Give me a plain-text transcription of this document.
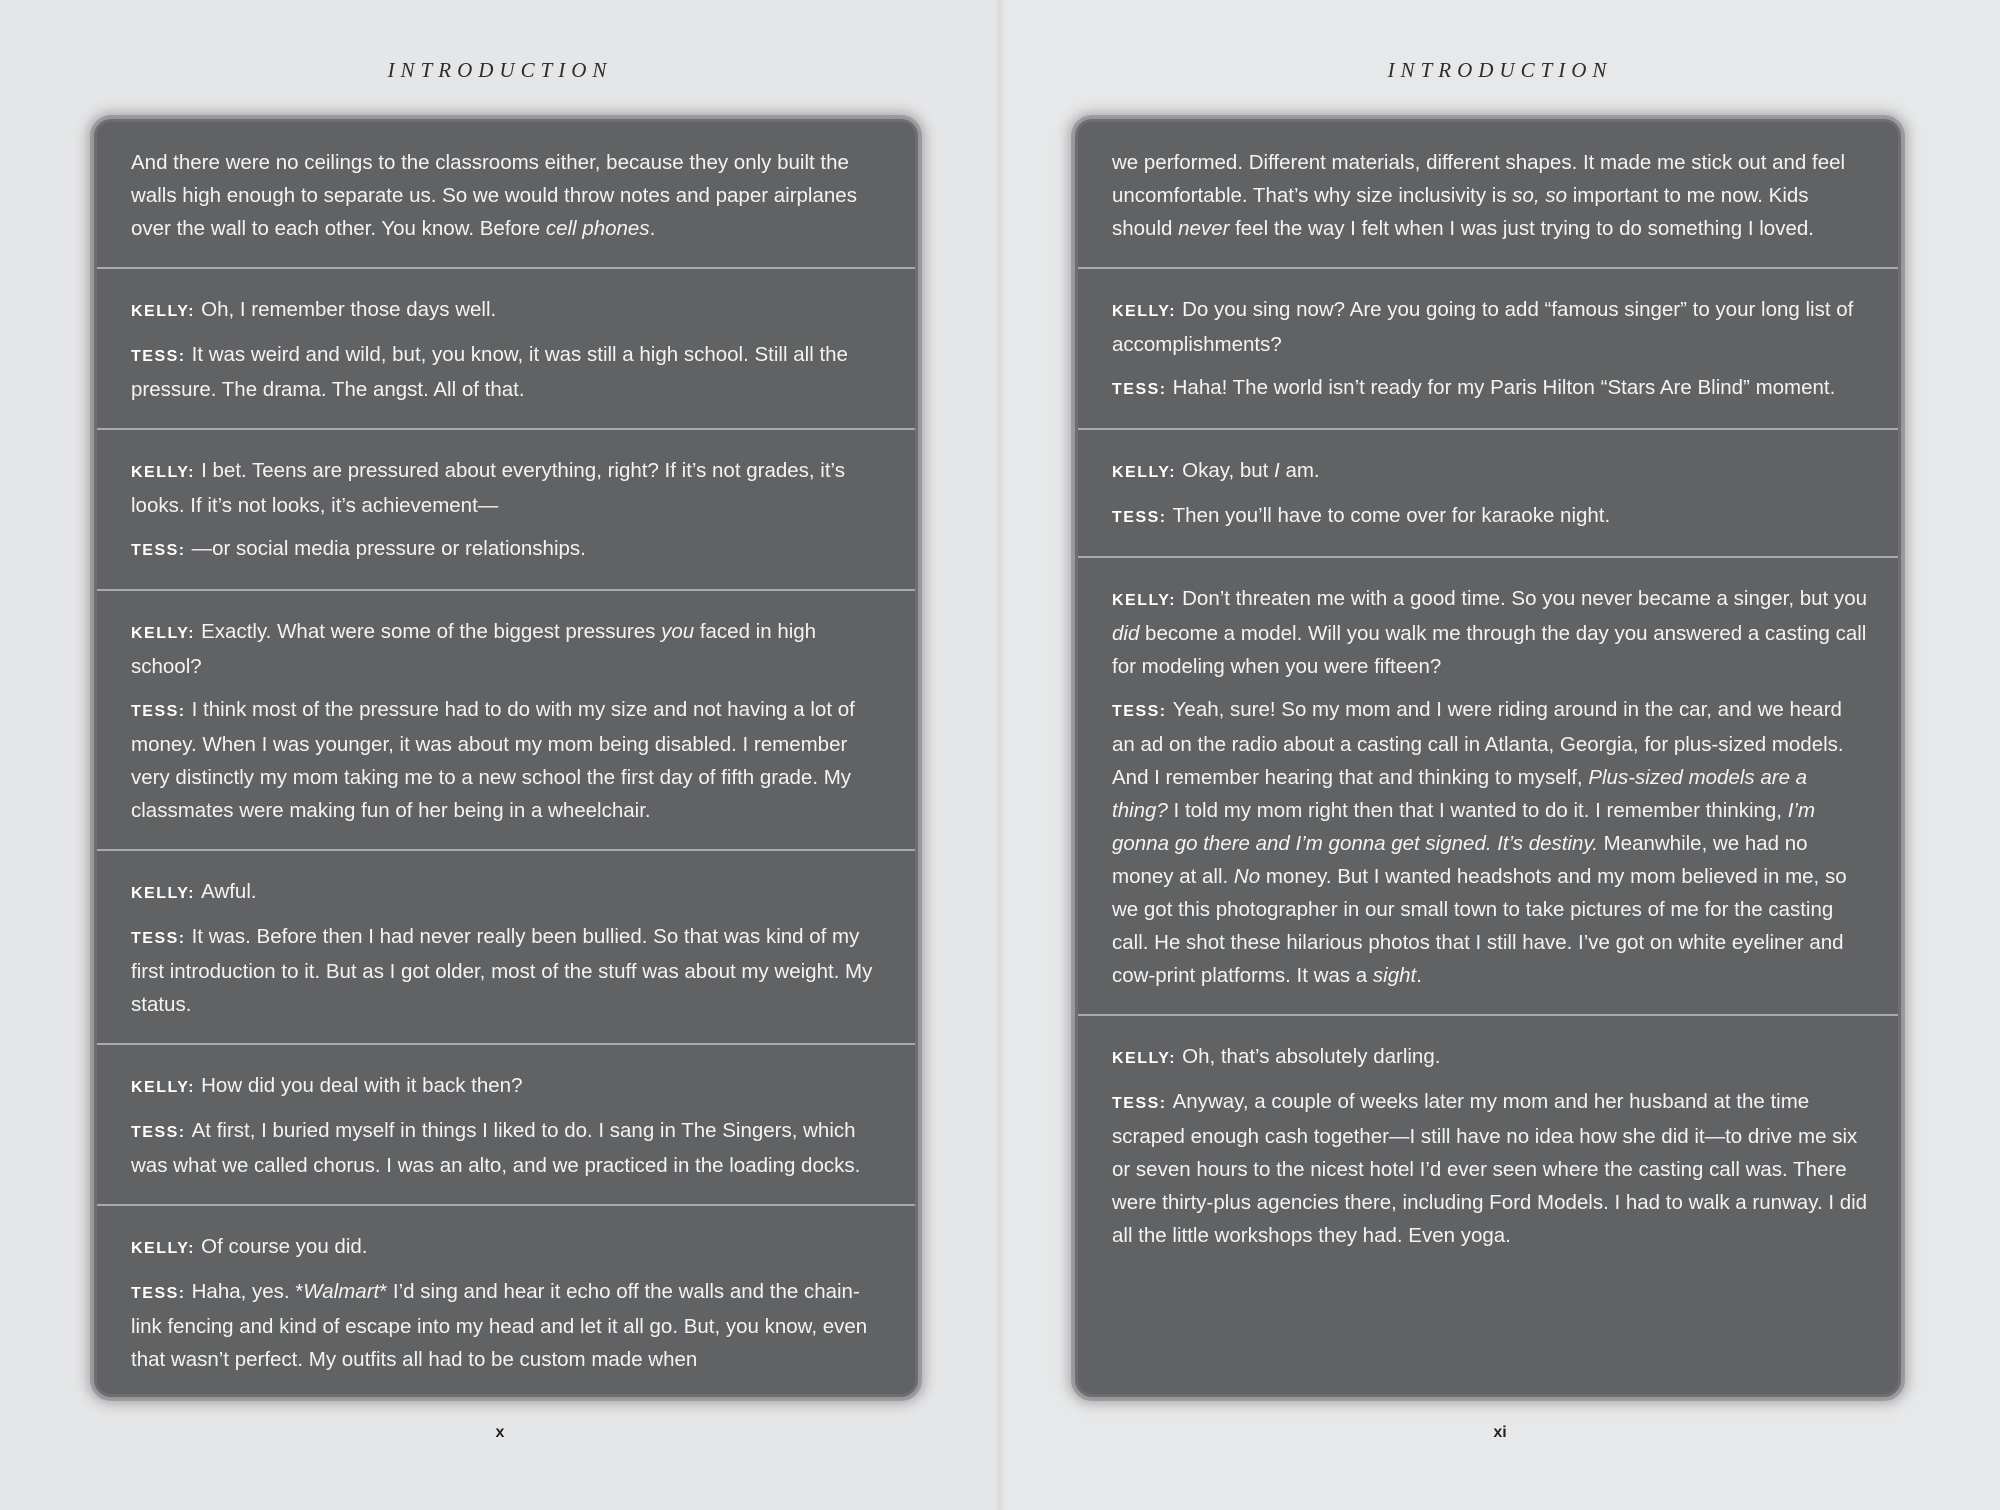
INTRODUCTION

And there were no ceilings to the classrooms either, because they only built the walls high enough to separate us. So we would throw notes and paper airplanes over the wall to each other. You know. Before cell phones.

KELLY: Oh, I remember those days well.

TESS: It was weird and wild, but, you know, it was still a high school. Still all the pressure. The drama. The angst. All of that.

KELLY: I bet. Teens are pressured about everything, right? If it’s not grades, it’s looks. If it’s not looks, it’s achievement—

TESS: —or social media pressure or relationships.

KELLY: Exactly. What were some of the biggest pressures you faced in high school?

TESS: I think most of the pressure had to do with my size and not having a lot of money. When I was younger, it was about my mom being disabled. I remember very distinctly my mom taking me to a new school the first day of fifth grade. My classmates were making fun of her being in a wheelchair.

KELLY: Awful.

TESS: It was. Before then I had never really been bullied. So that was kind of my first introduction to it. But as I got older, most of the stuff was about my weight. My status.

KELLY: How did you deal with it back then?

TESS: At first, I buried myself in things I liked to do. I sang in The Singers, which was what we called chorus. I was an alto, and we practiced in the loading docks.

KELLY: Of course you did.

TESS: Haha, yes. *Walmart* I’d sing and hear it echo off the walls and the chain-link fencing and kind of escape into my head and let it all go. But, you know, even that wasn’t perfect. My outfits all had to be custom made when

x
INTRODUCTION

we performed. Different materials, different shapes. It made me stick out and feel uncomfortable. That’s why size inclusivity is so, so important to me now. Kids should never feel the way I felt when I was just trying to do something I loved.

KELLY: Do you sing now? Are you going to add “famous singer” to your long list of accomplishments?

TESS: Haha! The world isn’t ready for my Paris Hilton “Stars Are Blind” moment.

KELLY: Okay, but I am.

TESS: Then you’ll have to come over for karaoke night.

KELLY: Don’t threaten me with a good time. So you never became a singer, but you did become a model. Will you walk me through the day you answered a casting call for modeling when you were fifteen?

TESS: Yeah, sure! So my mom and I were riding around in the car, and we heard an ad on the radio about a casting call in Atlanta, Georgia, for plus-sized models. And I remember hearing that and thinking to myself, Plus-sized models are a thing? I told my mom right then that I wanted to do it. I remember thinking, I’m gonna go there and I’m gonna get signed. It’s destiny. Meanwhile, we had no money at all. No money. But I wanted headshots and my mom believed in me, so we got this photographer in our small town to take pictures of me for the casting call. He shot these hilarious photos that I still have. I’ve got on white eyeliner and cow-print platforms. It was a sight.

KELLY: Oh, that’s absolutely darling.

TESS: Anyway, a couple of weeks later my mom and her husband at the time scraped enough cash together—I still have no idea how she did it—to drive me six or seven hours to the nicest hotel I’d ever seen where the casting call was. There were thirty-plus agencies there, including Ford Models. I had to walk a runway. I did all the little workshops they had. Even yoga.

xi
